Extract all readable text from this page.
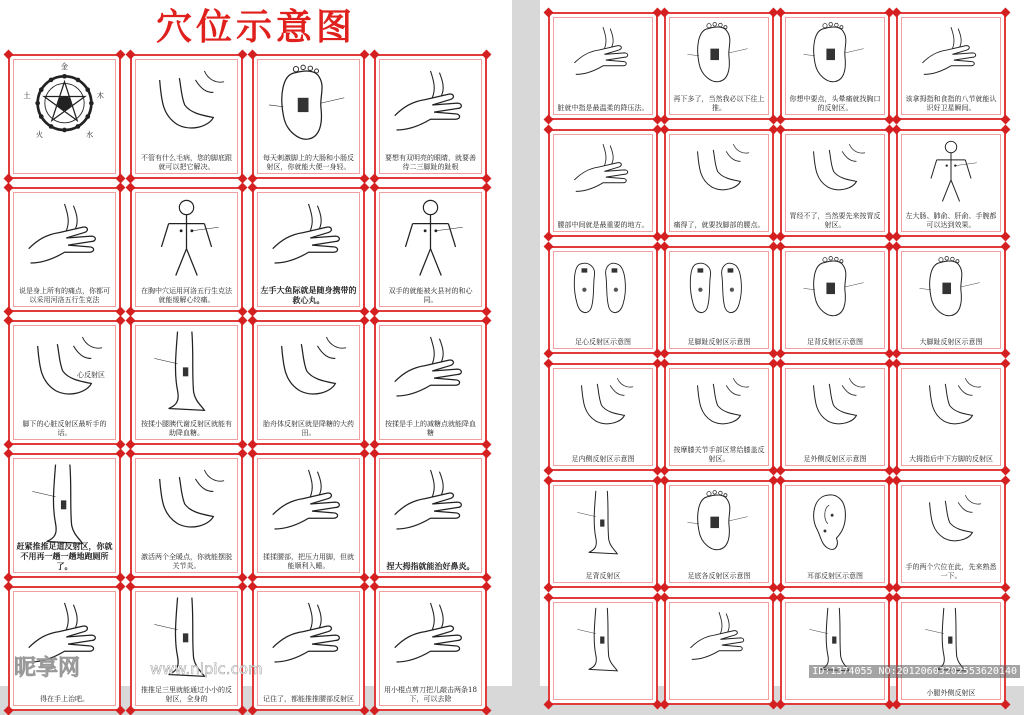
穴位示意图
金
木
水
火
土
不管有什么毛病，您的脚底跟就可以把它解决。
每天刺激脚上的大肠和小肠反射区，你就能大便一身轻。
要想有双明亮的眼睛，就要善待二三脚趾的趾根
说是身上所有的痛点，你都可以采用河洛五行生克法
在胸中穴运用河洛五行生克法就能缓解心绞痛。
左手大鱼际就是随身携带的救心丸。
双手的就能被火县衬的和心同。
心反射区
脚下的心脏反射区最听手的话。
按揉小腿胰代谢反射区就能有助降血糖。
胎舟体反射区就是降糖的大药田。
按揉是手上的减糖点就能降血糖
赶紧推推足道反射区，你就不用再一趟一趟地跑厕所了。
激活两个全暖点，你就能摆脱关节炎。
揉揉腰部，把压力用脚，但就能顺利入睡。	捏大拇指就能治好鼻炎。
得在手上治吧。
推推足三里就能通过小小的反射区，全身的	记住了，都能推推腰部反射区
用小棍点剪刀把儿敲击两条18下，可以去除
昵享网	www.nipic.com
脏就中指是最温柔的降压法。
再下多了，当然我必以下往上推。
你想中要点，头晕痛就找胸口的反射区。
该拿拇指和食指的八节就能认识好卫星瞬间。
腰部中间就是最重要的地方。	痛得了，就要找脚部的腰点。
胃经不了，当然要先来按胃反射区。
左大肠、肺俞、肝俞、手腕都可以达到效果。
足心反射区示意图	足脚趾反射区示意图	足背反射区示意图	大脚趾反射区示意图
足内侧反射区示意图
按摩膝关节手部区常给膝盖反射区。	足外侧反射区示意图	大拇指后中下方脚的反射区
足背反射区	足底各反射区示意图	耳部反射区示意图
手的两个穴位在此，先来熟悉一下。
小腿外侧反射区
ID:1374055 NO:20120603202553620140
